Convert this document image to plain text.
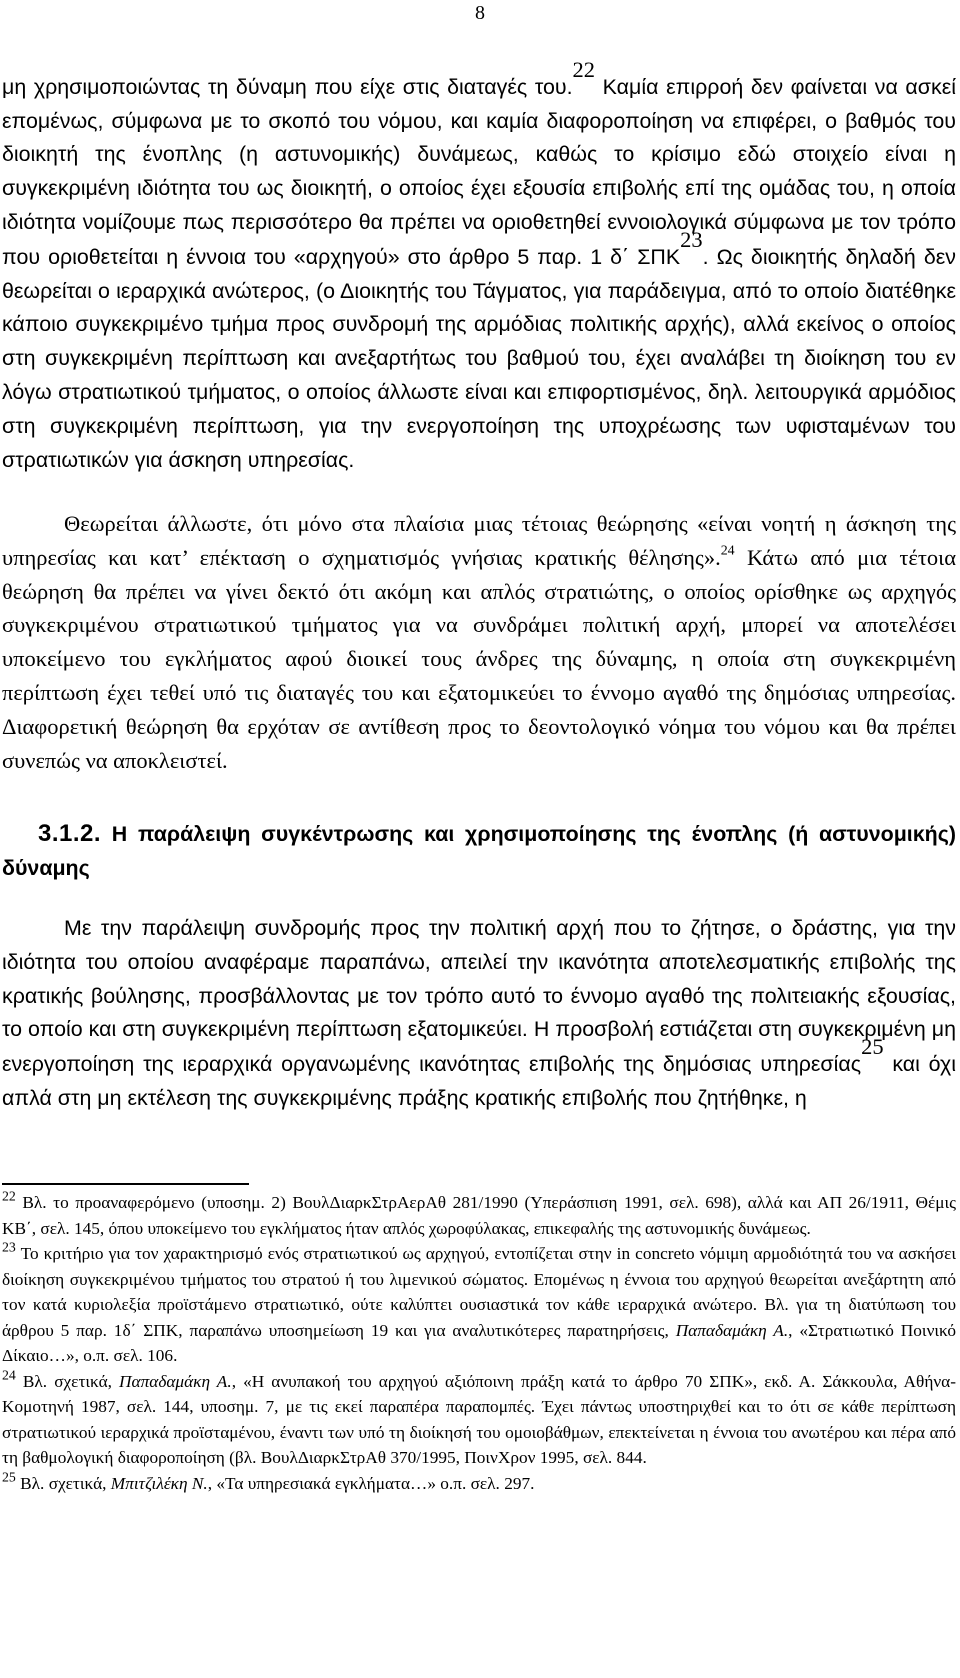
8

μη χρησιμοποιώντας τη δύναμη που είχε στις διαταγές του.$^{22}$ Καμία επιρροή δεν φαίνεται να ασκεί επομένως, σύμφωνα με το σκοπό του νόμου, και καμία διαφοροποίηση να επιφέρει, ο βαθμός του διοικητή της ένοπλης (η αστυνομικής) δυνάμεως, καθώς το κρίσιμο εδώ στοιχείο είναι η συγκεκριμένη ιδιότητα του ως διοικητή, ο οποίος έχει εξουσία επιβολής επί της ομάδας του, η οποία ιδιότητα νομίζουμε πως περισσότερο θα πρέπει να οριοθετηθεί εννοιολογικά σύμφωνα με τον τρόπο που οριοθετείται η έννοια του «αρχηγού» στο άρθρο 5 παρ. 1 δ΄ ΣΠΚ$^{23}$. Ως διοικητής δηλαδή δεν θεωρείται ο ιεραρχικά ανώτερος, (ο Διοικητής του Τάγματος, για παράδειγμα, από το οποίο διατέθηκε κάποιο συγκεκριμένο τμήμα προς συνδρομή της αρμόδιας πολιτικής αρχής), αλλά εκείνος ο οποίος στη συγκεκριμένη περίπτωση και ανεξαρτήτως του βαθμού του, έχει αναλάβει τη διοίκηση του εν λόγω στρατιωτικού τμήματος, ο οποίος άλλωστε είναι και επιφορτισμένος, δηλ. λειτουργικά αρμόδιος στη συγκεκριμένη περίπτωση, για την ενεργοποίηση της υποχρέωσης των υφισταμένων του στρατιωτικών για άσκηση υπηρεσίας.

Θεωρείται άλλωστε, ότι μόνο στα πλαίσια μιας τέτοιας θεώρησης «είναι νοητή η άσκηση της υπηρεσίας και κατ’ επέκταση ο σχηματισμός γνήσιας κρατικής θέλησης».$^{24}$ Κάτω από μια τέτοια θεώρηση θα πρέπει να γίνει δεκτό ότι ακόμη και απλός στρατιώτης, ο οποίος ορίσθηκε ως αρχηγός συγκεκριμένου στρατιωτικού τμήματος για να συνδράμει πολιτική αρχή, μπορεί να αποτελέσει υποκείμενο του εγκλήματος αφού διοικεί τους άνδρες της δύναμης, η οποία στη συγκεκριμένη περίπτωση έχει τεθεί υπό τις διαταγές του και εξατομικεύει το έννομο αγαθό της δημόσιας υπηρεσίας. Διαφορετική θεώρηση θα ερχόταν σε αντίθεση προς το δεοντολογικό νόημα του νόμου και θα πρέπει συνεπώς να αποκλειστεί.

3.1.2. Η παράλειψη συγκέντρωσης και χρησιμοποίησης της ένοπλης (ή αστυνομικής) δύναμης

Με την παράλειψη συνδρομής προς την πολιτική αρχή που το ζήτησε, ο δράστης, για την ιδιότητα του οποίου αναφέραμε παραπάνω, απειλεί την ικανότητα αποτελεσματικής επιβολής της κρατικής βούλησης, προσβάλλοντας με τον τρόπο αυτό το έννομο αγαθό της πολιτειακής εξουσίας, το οποίο και στη συγκεκριμένη περίπτωση εξατομικεύει. Η προσβολή εστιάζεται στη συγκεκριμένη μη ενεργοποίηση της ιεραρχικά οργανωμένης ικανότητας επιβολής της δημόσιας υπηρεσίας$^{25}$ και όχι απλά στη μη εκτέλεση της συγκεκριμένης πράξης κρατικής επιβολής που ζητήθηκε, η

$^{22}$ Βλ. το προαναφερόμενο (υποσημ. 2) ΒουλΔιαρκΣτρΑερΑθ 281/1990 (Υπεράσπιση 1991, σελ. 698), αλλά και ΑΠ 26/1911, Θέμις ΚΒ΄, σελ. 145, όπου υποκείμενο του εγκλήματος ήταν απλός χωροφύλακας, επικεφαλής της αστυνομικής δυνάμεως.

$^{23}$ Το κριτήριο για τον χαρακτηρισμό ενός στρατιωτικού ως αρχηγού, εντοπίζεται στην in concreto νόμιμη αρμοδιότητά του να ασκήσει διοίκηση συγκεκριμένου τμήματος του στρατού ή του λιμενικού σώματος. Επομένως η έννοια του αρχηγού θεωρείται ανεξάρτητη από τον κατά κυριολεξία προϊστάμενο στρατιωτικό, ούτε καλύπτει ουσιαστικά τον κάθε ιεραρχικά ανώτερο. Βλ. για τη διατύπωση του άρθρου 5 παρ. 1δ΄ ΣΠΚ, παραπάνω υποσημείωση 19 και για αναλυτικότερες παρατηρήσεις, Παπαδαμάκη Α., «Στρατιωτικό Ποινικό Δίκαιο…», ο.π. σελ. 106.

$^{24}$ Βλ. σχετικά, Παπαδαμάκη Α., «Η ανυπακοή του αρχηγού αξιόποινη πράξη κατά το άρθρο 70 ΣΠΚ», εκδ. Α. Σάκκουλα, Αθήνα-Κομοτηνή 1987, σελ. 144, υποσημ. 7, με τις εκεί παραπέρα παραπομπές. Έχει πάντως υποστηριχθεί και το ότι σε κάθε περίπτωση στρατιωτικού ιεραρχικά προϊσταμένου, έναντι των υπό τη διοίκησή του ομοιοβάθμων, επεκτείνεται η έννοια του ανωτέρου και πέρα από τη βαθμολογική διαφοροποίηση (βλ. ΒουλΔιαρκΣτρΑθ 370/1995, ΠοινΧρον 1995, σελ. 844.

$^{25}$ Βλ. σχετικά, Μπιτζιλέκη Ν., «Τα υπηρεσιακά εγκλήματα…» ο.π. σελ. 297.
